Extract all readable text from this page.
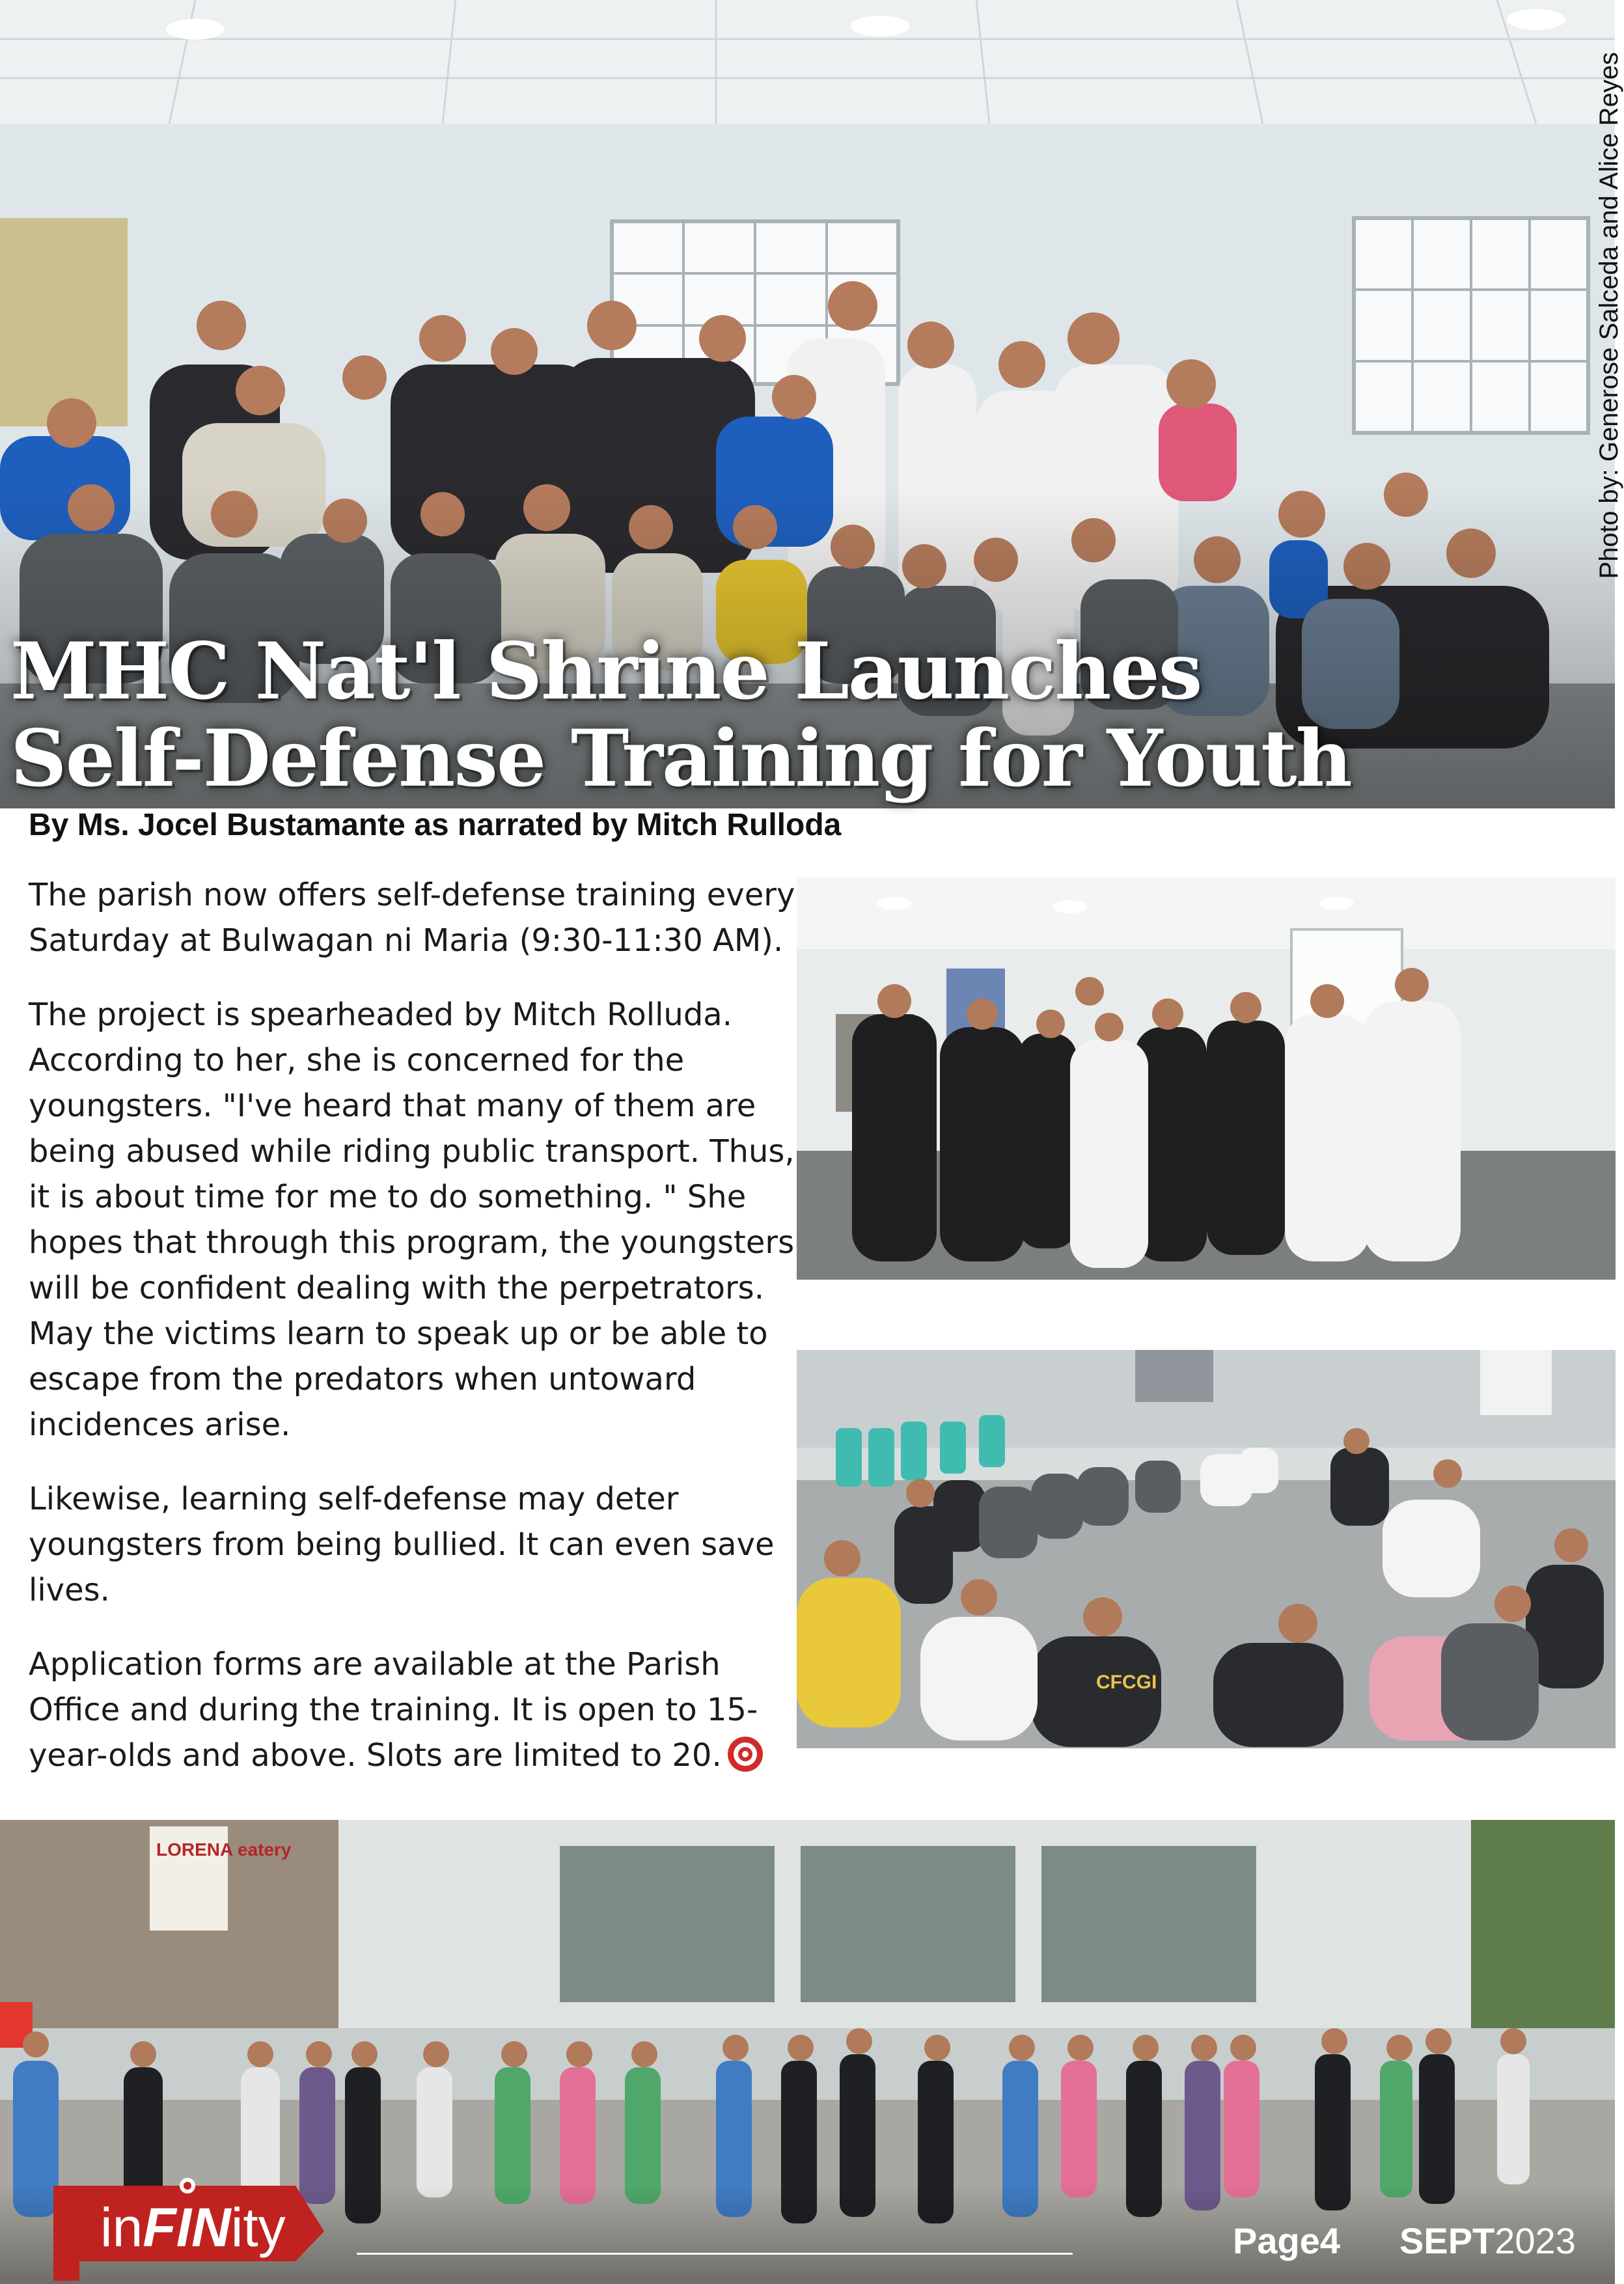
MHC Nat'l Shrine Launches
Self-Defense Training for Youth
Photo by: Generose Salceda and Alice Reyes
By Ms. Jocel Bustamante as narrated by Mitch Rulloda

The parish now offers self-defense training every Saturday at Bulwagan ni Maria (9:30-11:30 AM).

The project is spearheaded by Mitch Rolluda. According to her, she is concerned for the youngsters. "I've heard that many of them are being abused while riding public transport. Thus, it is about time for me to do something. " She hopes that through this program, the youngsters will be confident dealing with the perpetrators. May the victims learn to speak up or be able to escape from the predators when untoward incidences arise.

Likewise, learning self-defense may deter youngsters from being bullied. It can even save lives.

Application forms are available at the Parish Office and during the training. It is open to 15-year-olds and above. Slots are limited to 20.

CFCGI
LORENA eatery
inFINity	Page4 SEPT2023
